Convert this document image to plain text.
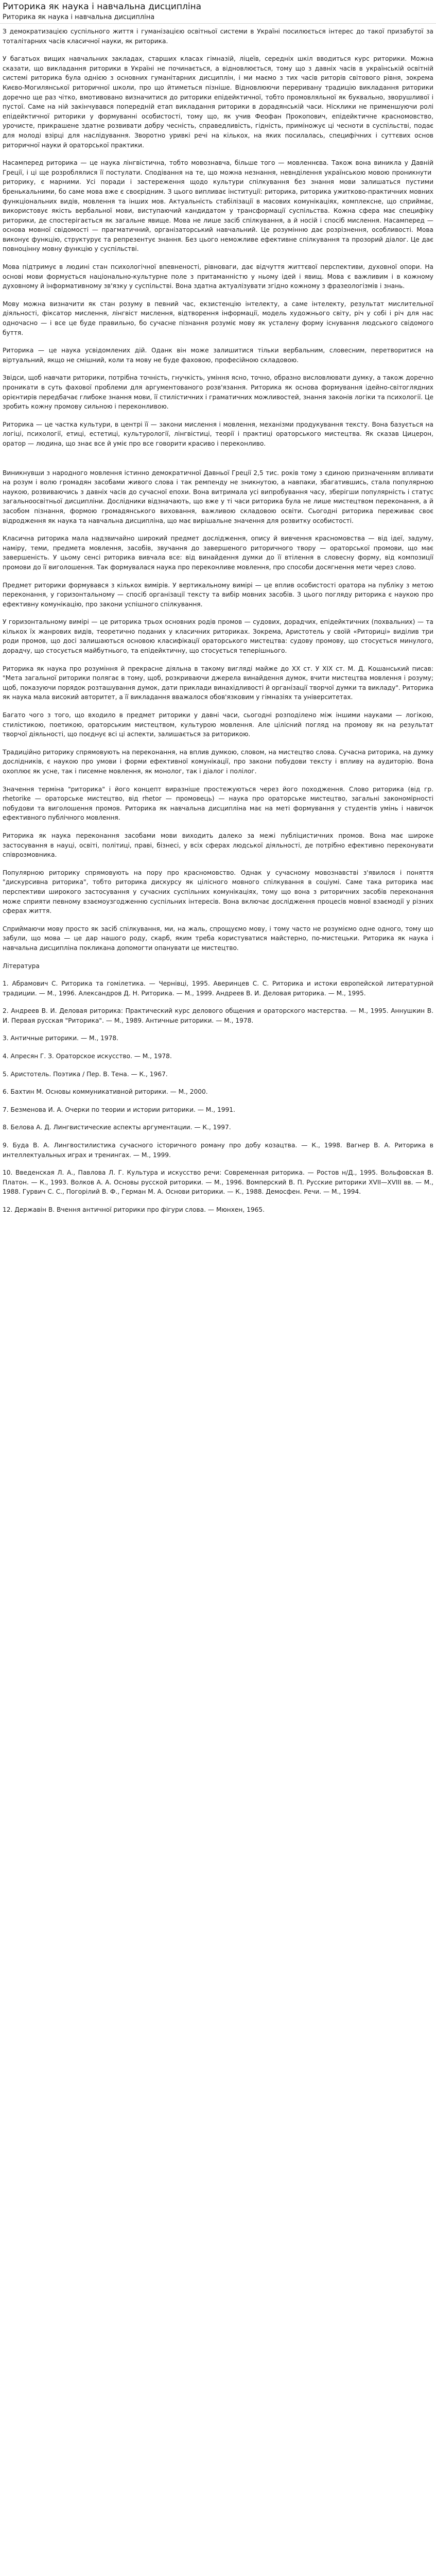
Риторика як наука і навчальна дисципліна
Риторика як наука і навчальна дисципліна

З демократизацією суспільного життя і гуманізацією освітньої системи в Україні посилюється інтерес до такої призабутої за тоталітарних часів класичної науки, як риторика.

У багатьох вищих навчальних закладах, старших класах гімназій, ліцеїв, середніх шкіл вводиться курс риторики. Можна сказати, що викладання риторики в Україні не починається, а відновлюється, тому що з давніх часів в українській освітній системі риторика була однією з основних гуманітарних дисциплін, і ми маємо з тих часів риторів світового рівня, зокрема Києво-Могилянської риторичної школи, про що йтиметься пізніше. Відновлюючи переривану традицію викладання риторики доречно ще раз чітко, вмотивовано визначитися до риторики епідейктичної, тобто промовляльної як буквально, зворушливої і пустої. Саме на ній закінчувався попередній етап викладання риторики в дорадянській часи. Нісклики не применшуючи ролі епідейктичної риторики у формуванні особистості, тому що, як учив Феофан Прокопович, епідейктичне красномовство, урочисте, прикрашене здатне розвивати добру чесність, справедливість, гідність, приміножує ці чесноти в суспільстві, подає для молоді взірці для наслідування. Зворотно уривкі речі на кількох, на яких посилалась, специфічних і суттєвих основ риторичної науки й ораторської практики.

Насамперед риторика — це наука лінгвістична, тобто мовознавча, більше того — мовленнєва. Також вона виникла у Давній Греції, і ці ще розроблялися її постулати. Сподівання на те, що можна незнання, невнділення українською мовою проникнути ​​риторику, є марними. Усі поради і застереження щодо культури спілкування без знання мови залишаться пустими бренькальними, бо саме мова вже є своєрідним. З цього випливає інституції: риторика, риторика ужитково-практичних мовних функціональних видів, мовлення та інших мов. Актуальність стабілізації в масових комунікаціях, комплексне, що сприймає, використовує якість вербальної мови, виступаючий кандидатом у трансформації суспільства. Кожна сфера має специфіку риторики, де спостерігається як загальне явище. Мова не лише засіб спілкування, а й носій і спосіб мислення. Насамперед — основа мовної свідомості — прагматичний, організаторський навчальний. Це розумінню дає розрізнення, особливості. Мова виконує функцію, структурує та репрезентує знання. Без цього неможливе ефективне спілкування та прозорий діалог. Це дає повноцінну мовну функцію у суспільстві.

Мова підтримує в людині стан психологічної впевненості, рівноваги, дає відчуття життєвої перспективи, духовної опори. На основі мови формується національно-культурне поле з притаманністю у ньому ідей і явищ. Мова є важливим і в кожному духовному й інформативному зв'язку у суспільстві. Вона здатна актуалізувати згідно кожному з фразеологізмів і знань.

Мову можна визначити як стан розуму в певний час, екзистенцію інтелекту, а саме інтелекту, результат мислительної діяльності, фіксатор мислення, лінгвіст мислення, відтворення інформації, модель художнього світу, річ у собі і річ для нас одночасно — і все це буде правильно, бо сучасне пізнання розуміє мову як усталену форму існування людського свідомого буття.

Риторика — це наука усвідомлених дій. Оданк він може залишитися тільки вербальним, словесним, перетворитися на віртуальний, якщо не смішний, коли та мову не буде фаховою, професійною складовою.

Звідси, щоб навчати риторики, потрібна точність, гнучкість, уміння ясно, точно, образно висловлювати думку, а також доречно проникати в суть фахової проблеми для аргументованого розв'язання. Риторика як основа формування ідейно-світоглядних орієнтирів передбачає глибоке знання мови, її стилістичних і граматичних можливостей, знання законів логіки та психології. Це зробить кожну промову сильною і переконливою.

Риторика — це частка культури, в центрі її — закони мислення і мовлення, механізми продукування тексту. Вона базується на логіці, психології, етиці, естетиці, культурології, лінгвістиці, теорії і практиці ораторського мистецтва. Як сказав Цицерон, оратор — людина, що знає все й уміє про все говорити красиво і переконливо.

Виникнувши з народного мовлення істинно демократичної Давньої Греції 2,5 тис. років тому з єдиною призначенням впливати на розум і волю громадян засобами живого слова і так ремпенду не зникнутою, а навпаки, збагатившись, стала популярною наукою, розвиваючись з давніх часів до сучасної епохи. Вона витримала усі випробування часу, зберігши популярність і статус загальноосвітньої дисципліни. Дослідники відзначають, що вже у ті часи риторика була не лише мистецтвом переконання, а й засобом пізнання, формою громадянського виховання, важливою складовою освіти. Сьогодні риторика переживає своє відродження як наука та навчальна дисципліна, що має вирішальне значення для розвитку особистості.

Класична риторика мала надзвичайно широкий предмет дослідження, опису й вивчення красномовства — від ідеї, задуму, наміру, теми, предмета мовлення, засобів, звучання до завершеного риторичного твору — ораторської промови, що має завершеність. У цьому сенсі риторика вивчала все: від винайдення думки до її втілення в словесну форму, від композиції промови до її виголошення. Так формувалася наука про переконливе мовлення, про способи досягнення мети через слово.

Предмет риторики формувався з кількох вимірів. У вертикальному вимірі — це вплив особистості оратора на публіку з метою переконання, у горизонтальному — спосіб організації тексту та вибір мовних засобів. З цього погляду риторика є наукою про ефективну комунікацію, про закони успішного спілкування.

У горизонтальному вимірі — це риторика трьох основних родів промов — судових, дорадчих, епідейктичних (похвальних) — та кількох їх жанрових видів, теоретично поданих у класичних риториках. Зокрема, Аристотель у своїй «Риториці» виділив три роди промов, що досі залишаються основою класифікації ораторського мистецтва: судову промову, що стосується минулого, дорадчу, що стосується майбутнього, та епідейктичну, що стосується теперішнього.

Риторика як наука про ​​розуміння й прекрасне діяльна в такому вигляді майже до XX ст. У XIX ст. М. Д. Кошанський писав: "Мета загальної риторики полягає в тому, щоб, розкриваючи джерела винайдення думок, вчити мистецтва мовлення і розуму; щоб, показуючи порядок розташування думок, дати приклади винахідливості й організації творчої думки та викладу". Риторика як наука мала високий авторитет, а її викладання вважалося обов'язковим у гімназіях та університетах.

Багато чого з того, що входило в предмет риторики у давні часи, сьогодні розподілено між іншими науками — логікою, стилістикою, поетикою, ораторським мистецтвом, культурою мовлення. Але цілісний погляд на промову як на результат творчої діяльності, що поєднує всі ці аспекти, залишається за риторикою.

Традиційно риторику спрямовують на переконання, на вплив думкою, словом, на мистецтво слова. Сучасна риторика, на думку дослідників, є наукою про умови і форми ефективної комунікації, про закони побудови тексту і впливу на аудиторію. Вона охоплює як усне, так і писемне мовлення, як монолог, так і діалог і полілог.

Значення терміна "риторика" і його ​​концепт виразніше простежуються через його походження. Слово риторика (від гр. rhetorike — ораторське мистецтво, від rhetor — промовець) — наука про ораторське мистецтво, загальні закономірності побудови та виголошення промов. Риторика як навчальна дисципліна має на меті формування у студентів умінь і навичок ефективного публічного мовлення.

Риторика як наука переконання засобами мови виходить далеко за межі публіцистичних промов. Вона має широке застосування в науці, освіті, політиці, праві, бізнесі, у всіх сферах людської діяльності, де потрібно ефективно переконувати співрозмовника.

Популярною риторику спрямовують на пору про красномовство. Однак у сучасному мовознавстві з'явилося і поняття "дискурсивна риторика", тобто риторика дискурсу як цілісного мовного спілкування в соціумі. Саме така риторика має перспективи широкого застосування у сучасних суспільних комунікаціях, тому що вона з риторичних засобів переконання може сприяти певному взаємоузгодженню суспільних інтересів. Вона включає дослідження процесів мовної взаємодії у різних сферах життя.

Сприймаючи мову просто як засіб спілкування, ми, на жаль, спрощуємо мову, і тому часто не розуміємо одне одного, тому що забули, що мова — це дар нашого роду, скарб, яким треба користуватися майстерно, по-мистецьки. Риторика як наука і навчальна дисципліна покликана допомогти опанувати це мистецтво.

Література
1. Абрамович С. Риторика та гомілетика. — Чернівці, 1995. Аверинцев С. С. Риторика и истоки европейской литературной традиции. — М., 1996. Александров Д. Н. Риторика. — М., 1999. Андреев В. И. Деловая риторика. — М., 1995.
2. Андреев В. И. Деловая риторика: Практический курс делового общения и ораторского мастерства. — М., 1995. Аннушкин В. И. Первая русская "Риторика". — М., 1989. Античные риторики. — М., 1978.
3. Античные риторики. — М., 1978.
4. Апресян Г. З. Ораторское искусство. — М., 1978.
5. Аристотель. Поэтика / Пер. В. Тена. — К., 1967.
6. Бахтин М. Основы коммуникативной риторики. — М., 2000.
7. Безменова И. А. Очерки по теории и истории риторики. — М., 1991.
8. Белова А. Д. Лингвистические аспекты аргументации. — К., 1997.
9. Буда В. А. Лингвостилистика сучасного історичного роману про добу козацтва. — К., 1998. Вагнер В. А. Риторика в интеллектуальных играх и тренингах. — М., 1999.
10. Введенская Л. А., Павлова Л. Г. Культура и искусство речи: Современная риторика. — Ростов н/Д., 1995. Вольфовская В. Платон. — К., 1993. Волков А. А. Основы русской риторики. — М., 1996. Вомперский В. П. Русские риторики XVII—XVIII вв. — М., 1988. Гурвич С. С., Погорілий В. Ф., Герман М. А. Основи риторики. — К., 1988. Демосфен. Речи. — М., 1994.
12. Державін В. Вчення античної риторики про фігури слова. — Мюнхен, 1965.
